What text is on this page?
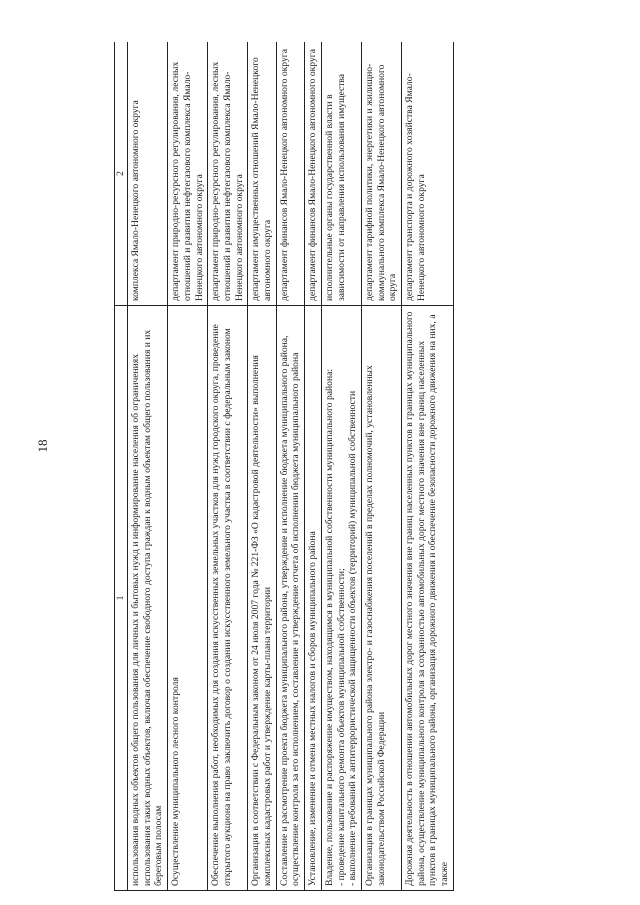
18
1	2
использования водных объектов общего пользования для личных и бытовых нужд и информирование населения об ограничениях использования таких водных объектов, включая обеспечение свободного доступа граждан к водным объектам общего пользования и их береговым полосам	комплекса Ямало-Ненецкого автономного округа
Осуществление муниципального лесного контроля	департамент природно-ресурсного регулирования, лесных отношений и развития нефтегазового комплекса Ямало-Ненецкого автономного округа
Обеспечение выполнения работ, необходимых для создания искусственных земельных участков для нужд городского округа, проведение открытого аукциона на право заключить договор о создании искусственного земельного участка в соответствии с федеральным законом	департамент природно-ресурсного регулирования, лесных отношений и развития нефтегазового комплекса Ямало-Ненецкого автономного округа
Организация в соответствии с Федеральным законом от 24 июля 2007 года № 221-ФЗ «О кадастровой деятельности» выполнения комплексных кадастровых работ и утверждение карты-плана территории	департамент имущественных отношений Ямало-Ненецкого автономного округа
Составление и рассмотрение проекта бюджета муниципального района, утверждение и исполнение бюджета муниципального района, осуществление контроля за его исполнением, составление и утверждение отчета об исполнении бюджета муниципального района	департамент финансов Ямало-Ненецкого автономного округа
Установление, изменение и отмена местных налогов и сборов муниципального района	департамент финансов Ямало-Ненецкого автономного округа
Владение, пользование и распоряжение имуществом, находящимся в муниципальной собственности муниципального района:
- проведение капитального ремонта объектов муниципальной собственности;
- выполнение требований к антитеррористической защищенности объектов (территорий) муниципальной собственности	исполнительные органы государственной власти в зависимости от направления использования имущества
Организация в границах муниципального района электро- и газоснабжения поселений в пределах полномочий, установленных законодательством Российской Федерации	департамент тарифной политики, энергетики и жилищно-коммунального комплекса Ямало-Ненецкого автономного округа
Дорожная деятельность в отношении автомобильных дорог местного значения вне границ населенных пунктов в границах муниципального района, осуществление муниципального контроля за сохранностью автомобильных дорог местного значения вне границ населенных пунктов в границах муниципального района, организация дорожного движения и обеспечение безопасности дорожного движения на них, а также	департамент транспорта и дорожного хозяйства Ямало-Ненецкого автономного округа
